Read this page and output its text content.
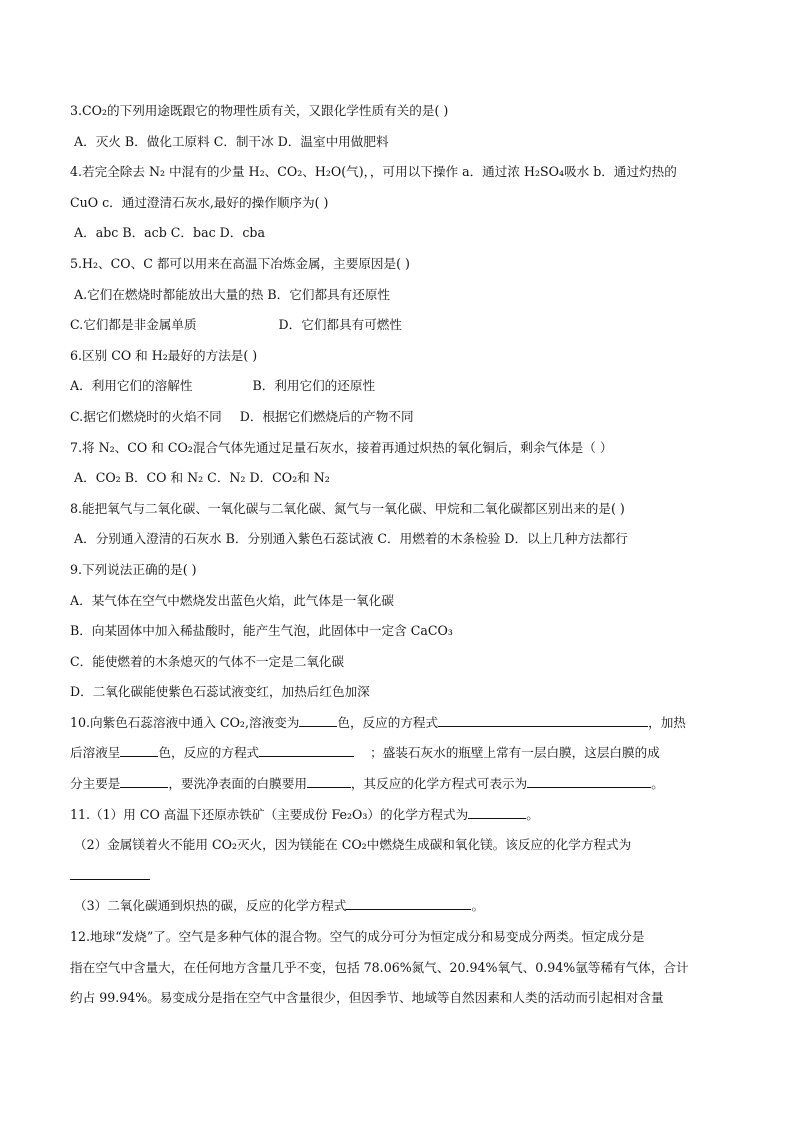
3.CO₂的下列用途既跟它的物理性质有关，又跟化学性质有关的是( )
A．灭火 B．做化工原料 C．制干冰 D．温室中用做肥料
4.若完全除去 N₂ 中混有的少量 H₂、CO₂、H₂O(气)，，可用以下操作 a．通过浓 H₂SO₄吸水 b．通过灼热的
CuO c．通过澄清石灰水,最好的操作顺序为( )
A．abc B．acb C．bac D．cba
5.H₂、CO、C 都可以用来在高温下冶炼金属，主要原因是( )
A.它们在燃烧时都能放出大量的热 B．它们都具有还原性
C.它们都是非金属单质	D．它们都具有可燃性
6.区别 CO 和 H₂最好的方法是( )
A．利用它们的溶解性	B．利用它们的还原性
C.据它们燃烧时的火焰不同 D．根据它们燃烧后的产物不同
7.将 N₂、CO 和 CO₂混合气体先通过足量石灰水，接着再通过炽热的氧化铜后，剩余气体是（ ）
A．CO₂ B．CO 和 N₂ C．N₂ D．CO₂和 N₂
8.能把氧气与二氧化碳、一氧化碳与二氧化碳、氮气与一氧化碳、甲烷和二氧化碳都区别出来的是( )
A．分别通入澄清的石灰水 B．分别通入紫色石蕊试液 C．用燃着的木条检验 D．以上几种方法都行
9.下列说法正确的是( )
A．某气体在空气中燃烧发出蓝色火焰，此气体是一氧化碳
B．向某固体中加入稀盐酸时，能产生气泡，此固体中一定含 CaCO₃
C．能使燃着的木条熄灭的气体不一定是二氧化碳
D．二氧化碳能使紫色石蕊试液变红，加热后红色加深
10.向紫色石蕊溶液中通入 CO₂,溶液变为	色，反应的方程式	，加热
后溶液呈	色，反应的方程式	；盛装石灰水的瓶壁上常有一层白膜，这层白膜的成
分主要是	，要洗净表面的白膜要用	，其反应的化学方程式可表示为	。
11.（1）用 CO 高温下还原赤铁矿（主要成份 Fe₂O₃）的化学方程式为	。
（2）金属镁着火不能用 CO₂灭火，因为镁能在 CO₂中燃烧生成碳和氧化镁。该反应的化学方程式为
（3）二氧化碳通到炽热的碳，反应的化学方程式	。
12.地球“发烧”了。空气是多种气体的混合物。空气的成分可分为恒定成分和易变成分两类。恒定成分是
指在空气中含量大，在任何地方含量几乎不变，包括 78.06%氮气、20.94%氧气、0.94%氩等稀有气体，合计
约占 99.94%。易变成分是指在空气中含量很少，但因季节、地域等自然因素和人类的活动而引起相对含量
